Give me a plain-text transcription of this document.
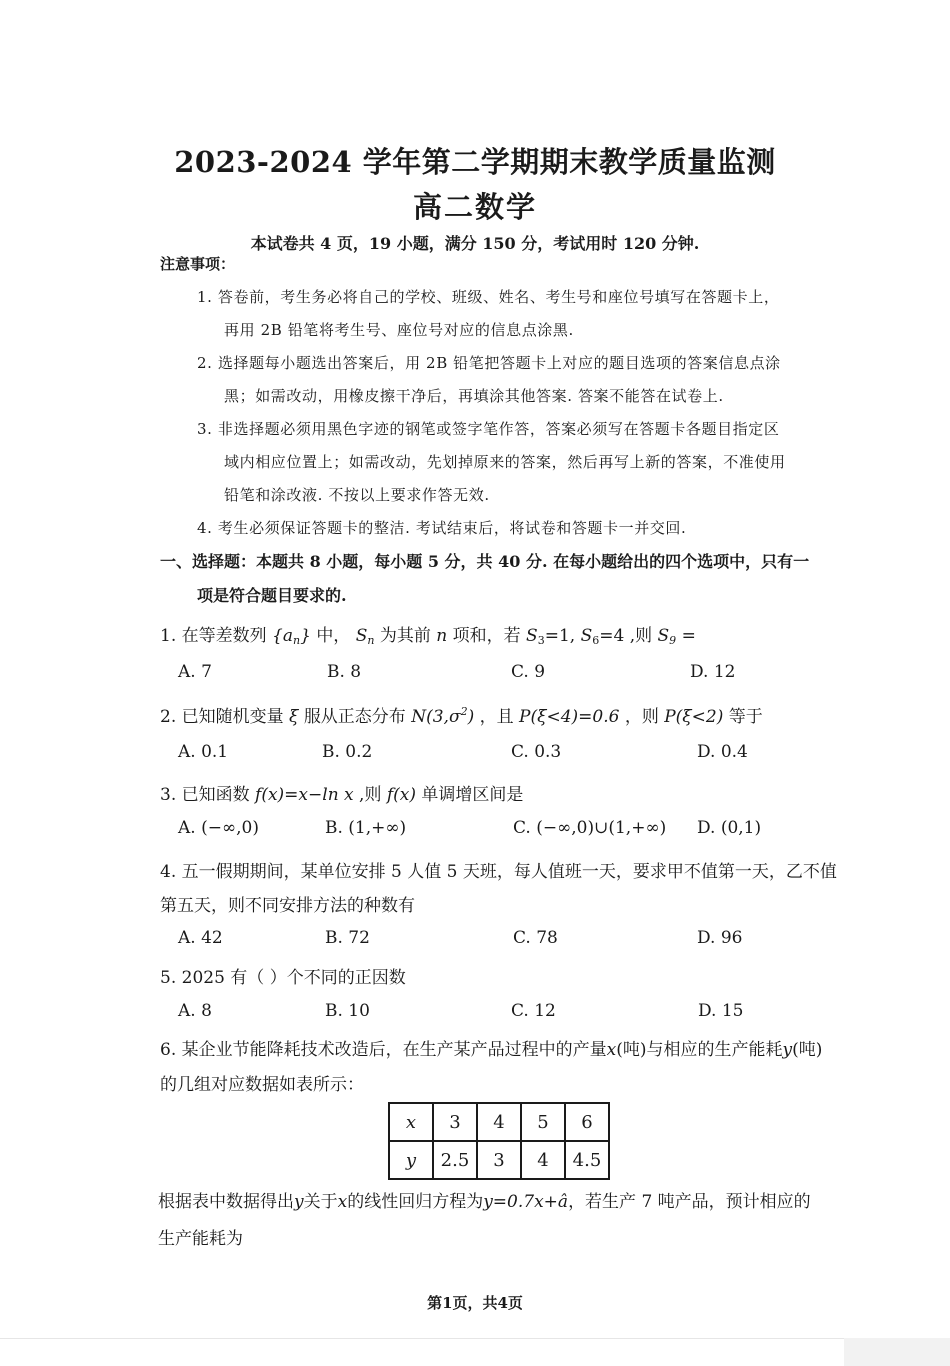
2023-2024 学年第二学期期末教学质量监测
高二数学
本试卷共 4 页，19 小题，满分 150 分，考试用时 120 分钟.
注意事项：
1. 答卷前，考生务必将自己的学校、班级、姓名、考生号和座位号填写在答题卡上，
再用 2B 铅笔将考生号、座位号对应的信息点涂黑.
2. 选择题每小题选出答案后，用 2B 铅笔把答题卡上对应的题目选项的答案信息点涂
黑；如需改动，用橡皮擦干净后，再填涂其他答案. 答案不能答在试卷上.
3. 非选择题必须用黑色字迹的钢笔或签字笔作答，答案必须写在答题卡各题目指定区
域内相应位置上；如需改动，先划掉原来的答案，然后再写上新的答案，不准使用
铅笔和涂改液. 不按以上要求作答无效.
4. 考生必须保证答题卡的整洁. 考试结束后，将试卷和答题卡一并交回.
一、选择题：本题共 8 小题，每小题 5 分，共 40 分. 在每小题给出的四个选项中，只有一
项是符合题目要求的.
1. 在等差数列 $\{a_n\}$ 中， $S_n$ 为其前 n 项和，若 $S_3=1$, $S_6=4$ ,则 $S_9$ =
A. 7	B. 8	C. 9	D. 12
2. 已知随机变量 ξ 服从正态分布 $N(3,\sigma^2)$ ，且 P(ξ<4)=0.6 ，则 P(ξ<2) 等于
A. 0.1	B. 0.2	C. 0.3	D. 0.4
3. 已知函数 f(x)=x−ln x ,则 f(x) 单调增区间是
A. (−∞,0)	B. (1,+∞)	C. (−∞,0)∪(1,+∞) D. (0,1)
4. 五一假期期间，某单位安排 5 人值 5 天班，每人值班一天，要求甲不值第一天，乙不值
第五天，则不同安排方法的种数有
A. 42	B. 72	C. 78	D. 96
5. 2025 有（ ）个不同的正因数
A. 8	B. 10	C. 12	D. 15
6. 某企业节能降耗技术改造后，在生产某产品过程中的产量x(吨)与相应的生产能耗y(吨)
的几组对应数据如表所示：
x	3	4	5	6
y	2.5	3	4	4.5
根据表中数据得出y关于x的线性回归方程为y=0.7x+â，若生产 7 吨产品，预计相应的
生产能耗为
第1页，共4页
